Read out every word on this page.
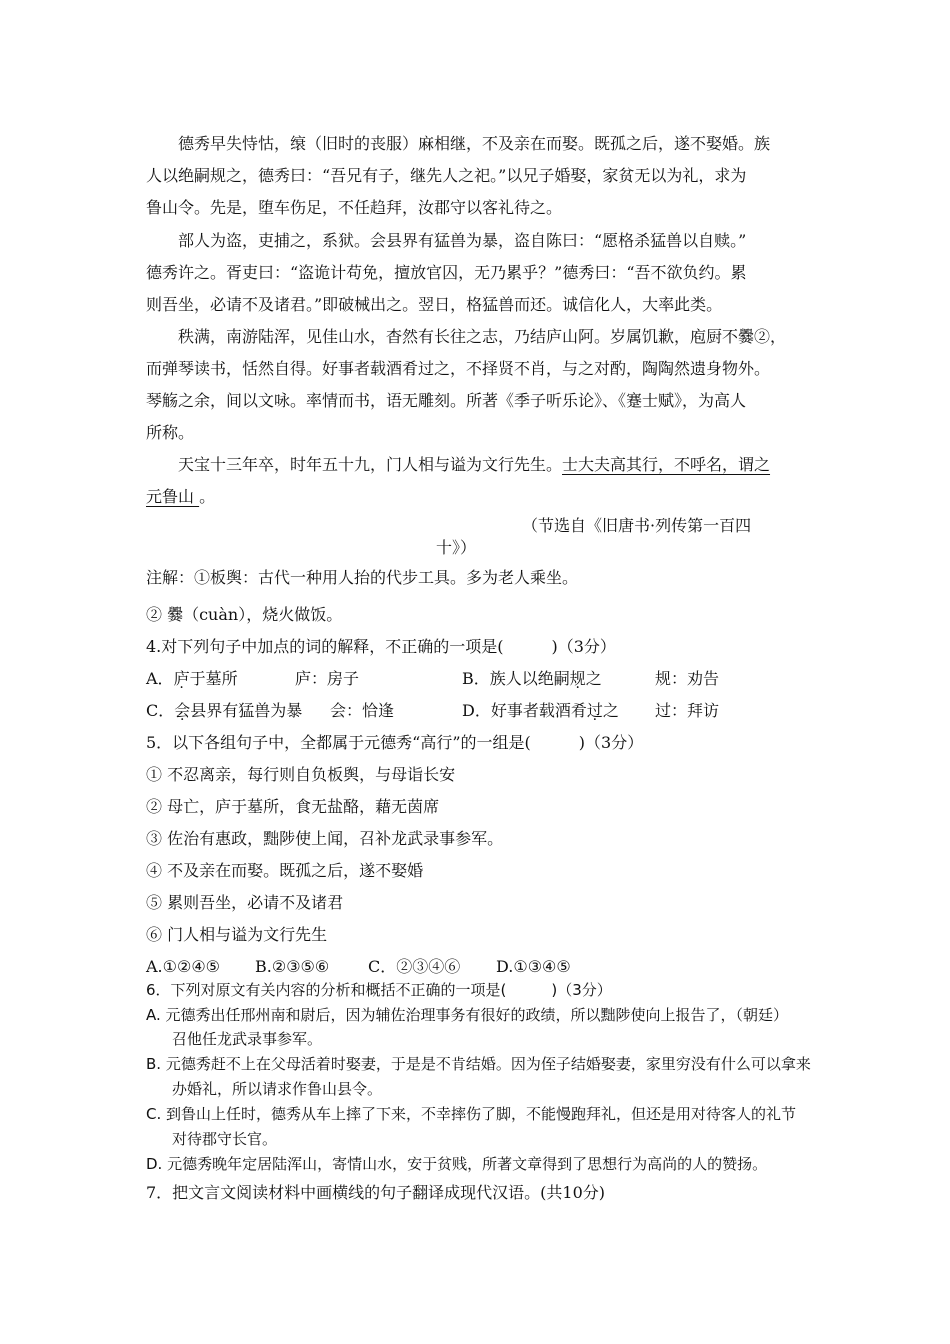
德秀早失恃怙，缞（旧时的丧服）麻相继，不及亲在而娶。既孤之后，遂不娶婚。族
人以绝嗣规之，德秀曰：“吾兄有子，继先人之祀。”以兄子婚娶，家贫无以为礼，求为
鲁山令。先是，堕车伤足，不任趋拜，汝郡守以客礼待之。
部人为盗，吏捕之，系狱。会县界有猛兽为暴，盗自陈曰：“愿格杀猛兽以自赎。”
德秀许之。胥吏曰：“盗诡计苟免，擅放官囚，无乃累乎？”德秀曰：“吾不欲负约。累
则吾坐，必请不及诸君。”即破械出之。翌日，格猛兽而还。诚信化人，大率此类。
秩满，南游陆浑，见佳山水，杳然有长往之志，乃结庐山阿。岁属饥歉，庖厨不爨②，
而弹琴读书，恬然自得。好事者载酒肴过之，不择贤不肖，与之对酌，陶陶然遗身物外。
琴觞之余，间以文咏。率情而书，语无雕刻。所著《季子听乐论》、《蹇士赋》，为高人
所称。
天宝十三年卒，时年五十九，门人相与谥为文行先生。士大夫高其行，不呼名，谓之
元鲁山 。
（节选自《旧唐书·列传第一百四
十》）
注解：①板舆：古代一种用人抬的代步工具。多为老人乘坐。
② 爨（cuàn），烧火做饭。
4.对下列句子中加点的词的解释，不正确的一项是(　　　)（3分）
A．庐于墓所	庐：房子	B．族人以绝嗣规之	规：劝告
C．会县界有猛兽为暴 会：恰逢	D．好事者载酒肴过之 过：拜访
5．以下各组句子中，全都属于元德秀“高行”的一组是(　　　)（3分）
① 不忍离亲，每行则自负板舆，与母诣长安
② 母亡，庐于墓所，食无盐酪，藉无茵席
③ 佐治有惠政，黜陟使上闻，召补龙武录事参军。
④ 不及亲在而娶。既孤之后，遂不娶婚
⑤ 累则吾坐，必请不及诸君
⑥ 门人相与谥为文行先生
A.①②④⑤ B.②③⑤⑥ C．②③④⑥ D.①③④⑤
6．下列对原文有关内容的分析和概括不正确的一项是(　　　)（3分）
A. 元德秀出任邢州南和尉后，因为辅佐治理事务有很好的政绩，所以黜陟使向上报告了，（朝廷）
召他任龙武录事参军。
B. 元德秀赶不上在父母活着时娶妻，于是是不肯结婚。因为侄子结婚娶妻，家里穷没有什么可以拿来
办婚礼，所以请求作鲁山县令。
C. 到鲁山上任时，德秀从车上摔了下来，不幸摔伤了脚，不能慢跑拜礼，但还是用对待客人的礼节
对待郡守长官。
D. 元德秀晚年定居陆浑山，寄情山水，安于贫贱，所著文章得到了思想行为高尚的人的赞扬。
7．把文言文阅读材料中画横线的句子翻译成现代汉语。(共10分)
